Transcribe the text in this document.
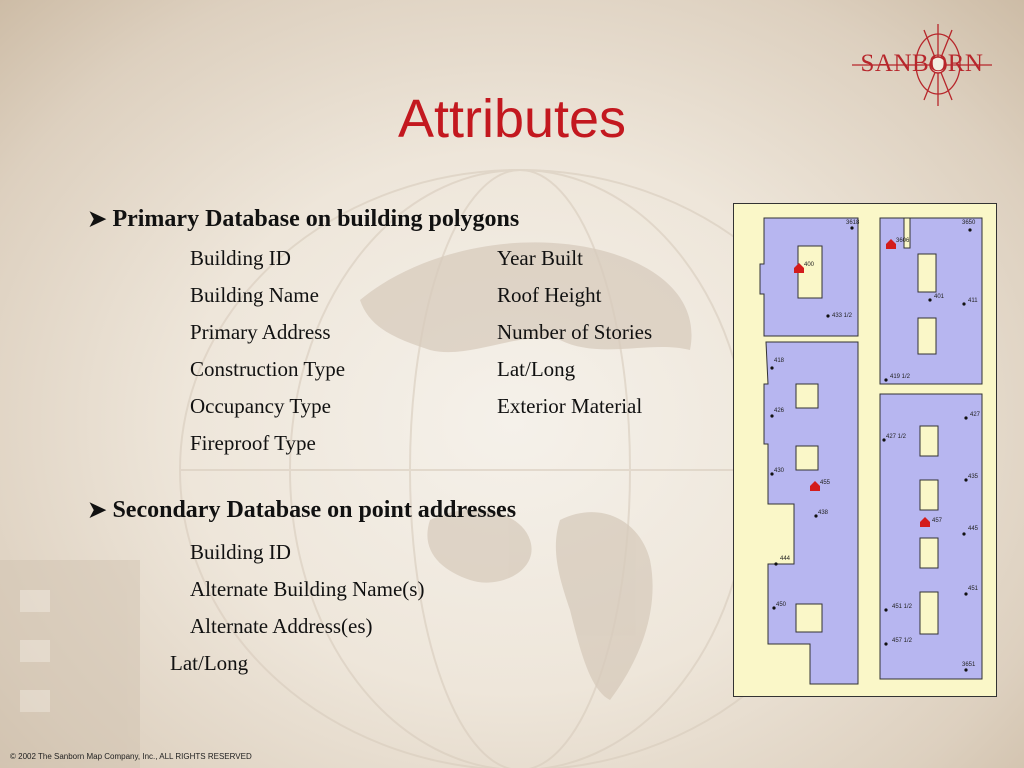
SANBORN
Attributes
➤ Primary Database on building polygons
Building ID
Building Name
Primary Address
Construction Type
Occupancy Type
Fireproof Type
Year Built
Roof Height
Number of Stories
Lat/Long
Exterior Material
➤ Secondary Database on point addresses
Building ID
Alternate Building Name(s)
Alternate Address(es)
Lat/Long
3618	3650
400
3606
401
411
433 1/2
418
419 1/2
427
426
427 1/2
430
455
435
438
457
445
444
450
451
451 1/2
457 1/2
3651
© 2002 The Sanborn Map Company, Inc., ALL RIGHTS RESERVED
